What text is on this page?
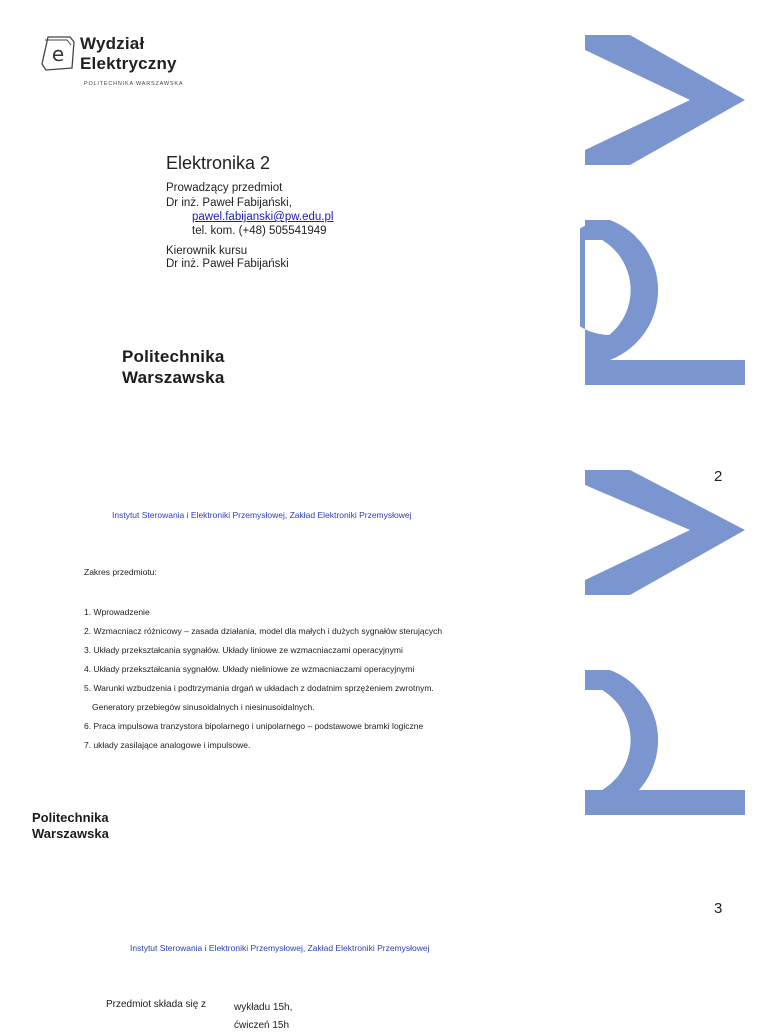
e Wydział
Elektryczny
POLITECHNIKA WARSZAWSKA
Elektronika 2
Prowadzący przedmiot
Dr inż. Paweł Fabijański,
pawel.fabijanski@pw.edu.pl
tel. kom. (+48) 505541949
Kierownik kursu
Dr inż. Paweł Fabijański
Politechnika
Warszawska
2
Instytut Sterowania i Elektroniki Przemysłowej, Zakład Elektroniki Przemysłowej
Zakres przedmiotu:
1. Wprowadzenie
2. Wzmacniacz różnicowy – zasada działania, model dla małych i dużych sygnałów sterujących
3. Układy przekształcania sygnałów. Układy liniowe ze wzmacniaczami operacyjnymi
4. Układy przekształcania sygnałów. Układy nieliniowe ze wzmacniaczami operacyjnymi
5. Warunki wzbudzenia i podtrzymania drgań w układach z dodatnim sprzężeniem zwrotnym.
Generatory przebiegów sinusoidalnych i niesinusoidalnych.
6. Praca impulsowa tranzystora bipolarnego i unipolarnego – podstawowe bramki logiczne
7. układy zasilające analogowe i impulsowe.
Politechnika
Warszawska
3
Instytut Sterowania i Elektroniki Przemysłowej, Zakład Elektroniki Przemysłowej
Przedmiot składa się z	wykładu 15h,
ćwiczeń 15h
